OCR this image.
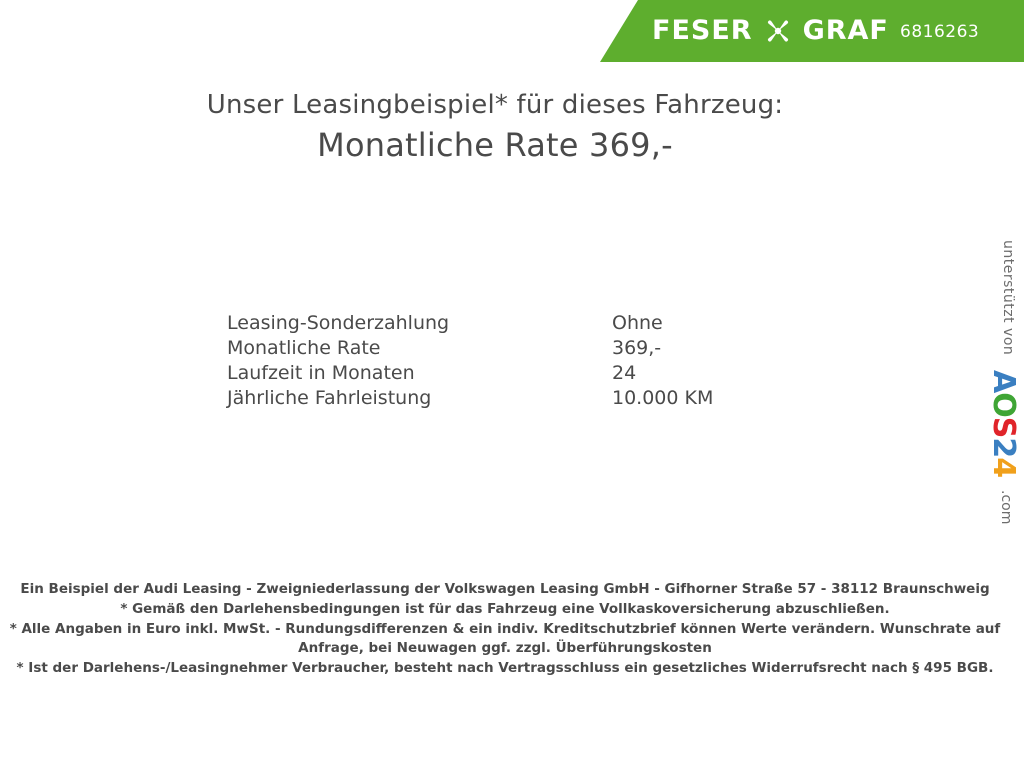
FESER GRAF 6816263
Unser Leasingbeispiel* für dieses Fahrzeug:
Monatliche Rate 369,-
Leasing-Sonderzahlung	Ohne
Monatliche Rate	369,-
Laufzeit in Monaten	24
Jährliche Fahrleistung	10.000 KM
unterstützt von
AOS24
.com

Ein Beispiel der Audi Leasing - Zweigniederlassung der Volkswagen Leasing GmbH - Gifhorner Straße 57 - 38112 Braunschweig

* Gemäß den Darlehensbedingungen ist für das Fahrzeug eine Vollkaskoversicherung abzuschließen.

* Alle Angaben in Euro inkl. MwSt. - Rundungsdifferenzen & ein indiv. Kreditschutzbrief können Werte verändern. Wunschrate auf Anfrage, bei Neuwagen ggf. zzgl. Überführungskosten

* Ist der Darlehens-/Leasingnehmer Verbraucher, besteht nach Vertragsschluss ein gesetzliches Widerrufsrecht nach § 495 BGB.
